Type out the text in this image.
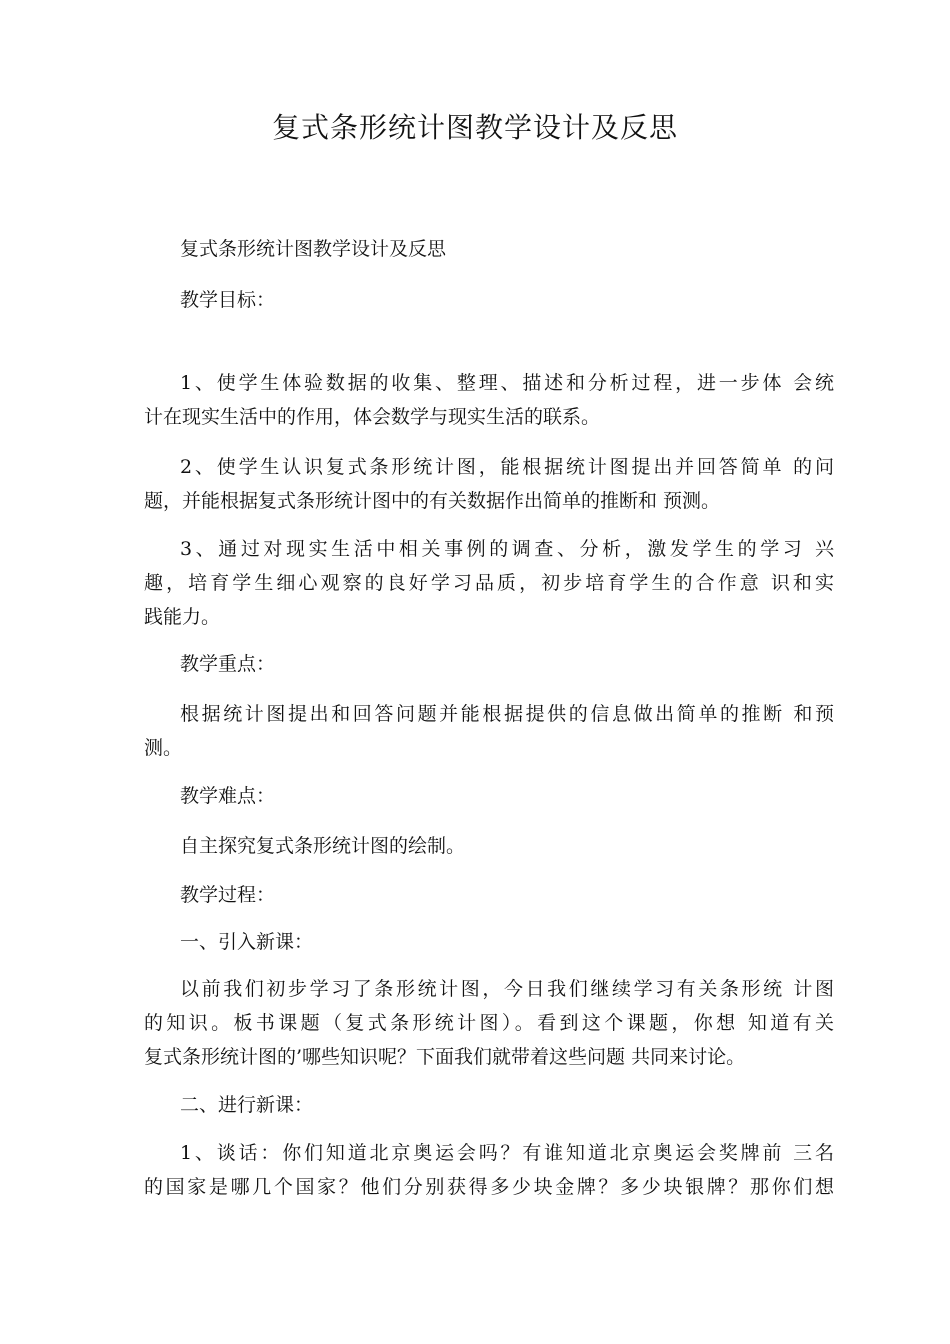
复式条形统计图教学设计及反思
复式条形统计图教学设计及反思
教学目标：
1、使学生体验数据的收集、整理、描述和分析过程，进一步体 会统
计在现实生活中的作用，体会数学与现实生活的联系。
2、使学生认识复式条形统计图，能根据统计图提出并回答简单 的问
题，并能根据复式条形统计图中的有关数据作出简单的推断和 预测。
3、通过对现实生活中相关事例的调查、分析，激发学生的学习 兴
趣，培育学生细心观察的良好学习品质，初步培育学生的合作意 识和实
践能力。
教学重点：
根据统计图提出和回答问题并能根据提供的信息做出简单的推断 和预
测。
教学难点：
自主探究复式条形统计图的绘制。
教学过程：
一、引入新课：
以前我们初步学习了条形统计图，今日我们继续学习有关条形统 计图
的知识。板书课题（复式条形统计图）。看到这个课题，你想 知道有关
复式条形统计图的’哪些知识呢？下面我们就带着这些问题 共同来讨论。
二、进行新课：
1、谈话：你们知道北京奥运会吗？有谁知道北京奥运会奖牌前 三名
的国家是哪几个国家？他们分别获得多少块金牌？多少块银牌？那你们想
